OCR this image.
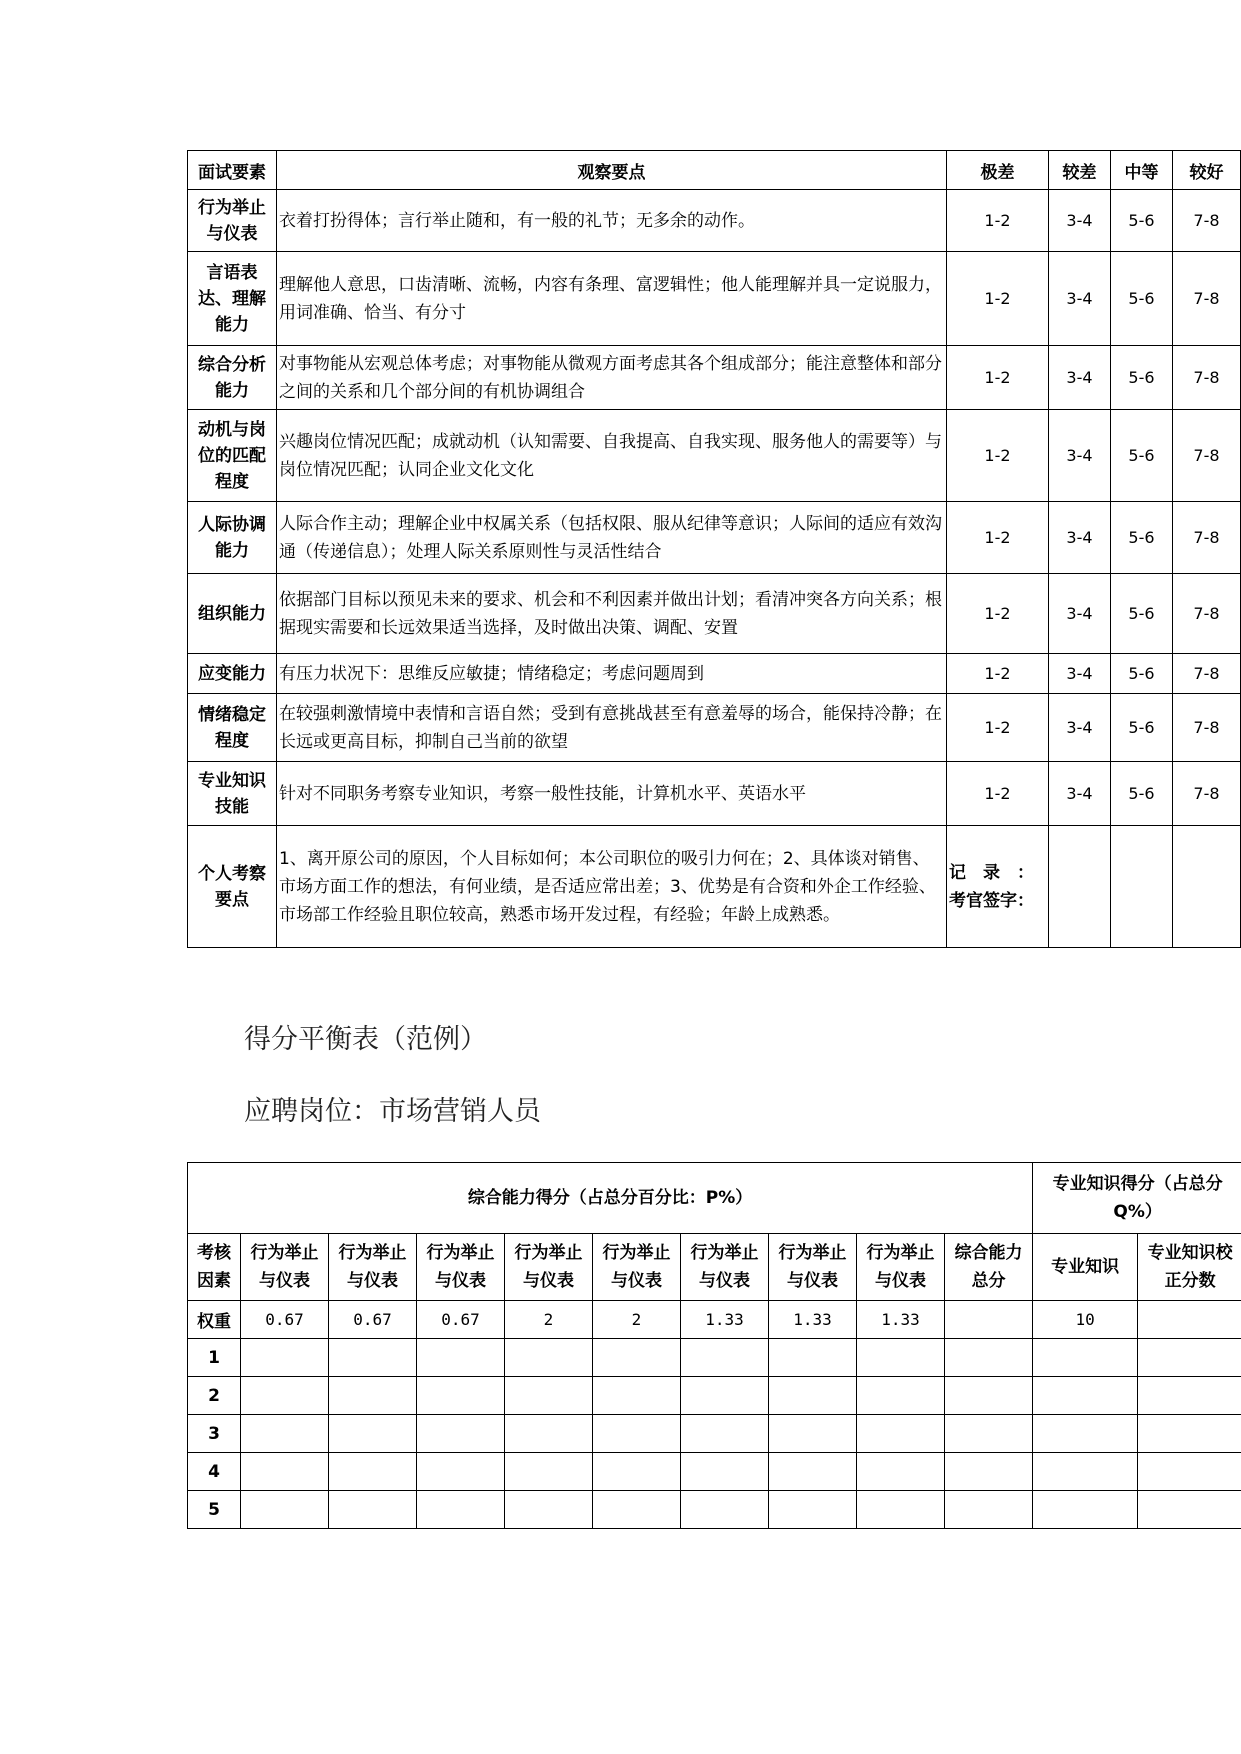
面试要素	观察要点	极差	较差	中等	较好
行为举止与仪表	衣着打扮得体；言行举止随和，有一般的礼节；无多余的动作。	1-2	3-4	5-6	7-8
言语表达、理解能力	理解他人意思，口齿清晰、流畅，内容有条理、富逻辑性；他人能理解并具一定说服力，用词准确、恰当、有分寸	1-2	3-4	5-6	7-8
综合分析能力	对事物能从宏观总体考虑；对事物能从微观方面考虑其各个组成部分；能注意整体和部分之间的关系和几个部分间的有机协调组合	1-2	3-4	5-6	7-8
动机与岗位的匹配程度	兴趣岗位情况匹配；成就动机（认知需要、自我提高、自我实现、服务他人的需要等）与岗位情况匹配；认同企业文化文化	1-2	3-4	5-6	7-8
人际协调能力	人际合作主动；理解企业中权属关系（包括权限、服从纪律等意识；人际间的适应有效沟通（传递信息）；处理人际关系原则性与灵活性结合	1-2	3-4	5-6	7-8
组织能力	依据部门目标以预见未来的要求、机会和不利因素并做出计划；看清冲突各方向关系；根据现实需要和长远效果适当选择，及时做出决策、调配、安置	1-2	3-4	5-6	7-8
应变能力	有压力状况下：思维反应敏捷；情绪稳定；考虑问题周到	1-2	3-4	5-6	7-8
情绪稳定程度	在较强刺激情境中表情和言语自然；受到有意挑战甚至有意羞辱的场合，能保持冷静；在长远或更高目标，抑制自己当前的欲望	1-2	3-4	5-6	7-8
专业知识技能	针对不同职务考察专业知识，考察一般性技能，计算机水平、英语水平	1-2	3-4	5-6	7-8
个人考察要点	1、离开原公司的原因，个人目标如何；本公司职位的吸引力何在；2、具体谈对销售、市场方面工作的想法，有何业绩，是否适应常出差；3、优势是有合资和外企工作经验、市场部工作经验且职位较高，熟悉市场开发过程，有经验；年龄上成熟悉。	记　录　：考官签字：			
得分平衡表（范例）
应聘岗位：市场营销人员
综合能力得分（占总分百分比：P%）										专业知识得分（占总分Q%）	
考核因素	行为举止与仪表	行为举止与仪表	行为举止与仪表	行为举止与仪表	行为举止与仪表	行为举止与仪表	行为举止与仪表	行为举止与仪表	综合能力总分	专业知识	专业知识校正分数
权重	0.67	0.67	0.67	2	2	1.33	1.33	1.33		10	
1											
2											
3											
4											
5											
